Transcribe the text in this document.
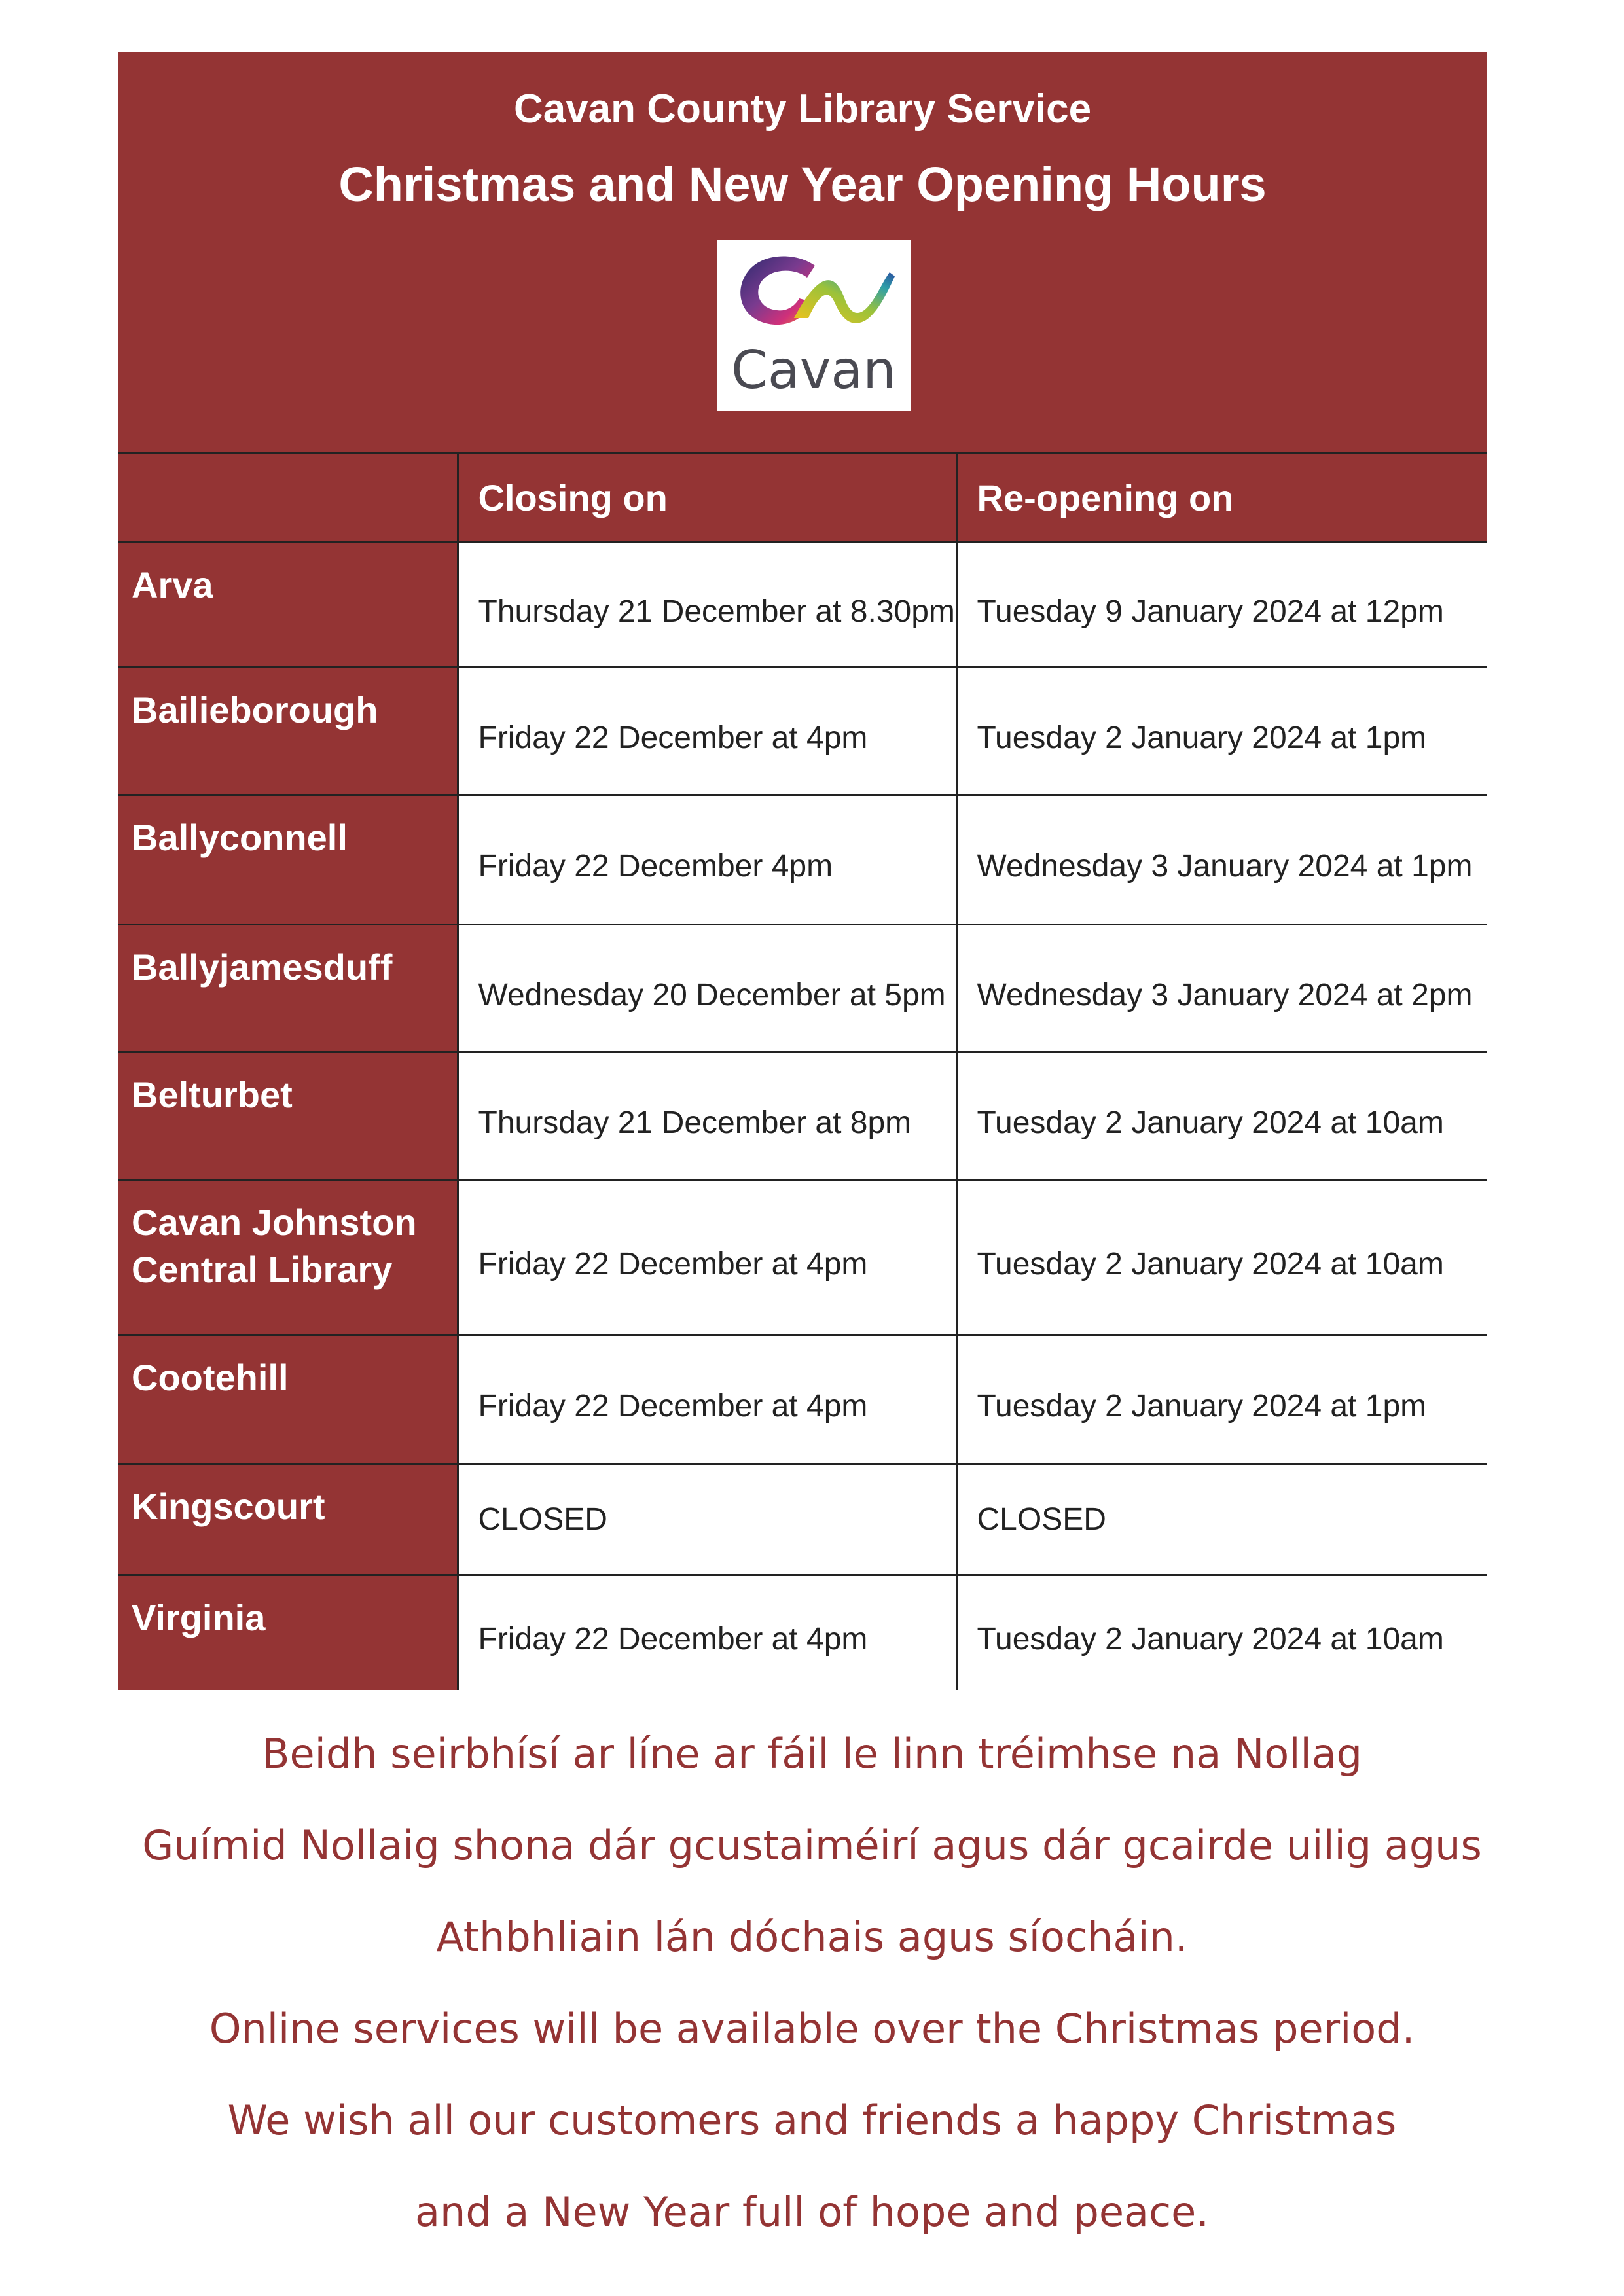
Cavan County Library Service
Christmas and New Year Opening Hours
Cavan
	Closing on	Re-opening on
Arva	Thursday 21 December at 8.30pm	Tuesday 9 January 2024 at 12pm
Bailieborough	Friday 22 December at 4pm	Tuesday 2 January 2024 at 1pm
Ballyconnell	Friday 22 December 4pm	Wednesday 3 January 2024 at 1pm
Ballyjamesduff	Wednesday 20 December at 5pm	Wednesday 3 January 2024 at 2pm
Belturbet	Thursday 21 December at 8pm	Tuesday 2 January 2024 at 10am
Cavan Johnston Central Library	Friday 22 December at 4pm	Tuesday 2 January 2024 at 10am
Cootehill	Friday 22 December at 4pm	Tuesday 2 January 2024 at 1pm
Kingscourt	CLOSED	CLOSED
Virginia	Friday 22 December at 4pm	Tuesday 2 January 2024 at 10am

Beidh seirbhísí ar líne ar fáil le linn tréimhse na Nollag

Guímid Nollaig shona dár gcustaiméirí agus dár gcairde uilig agus

Athbhliain lán dóchais agus síocháin.

Online services will be available over the Christmas period.

We wish all our customers and friends a happy Christmas

and a New Year full of hope and peace.
